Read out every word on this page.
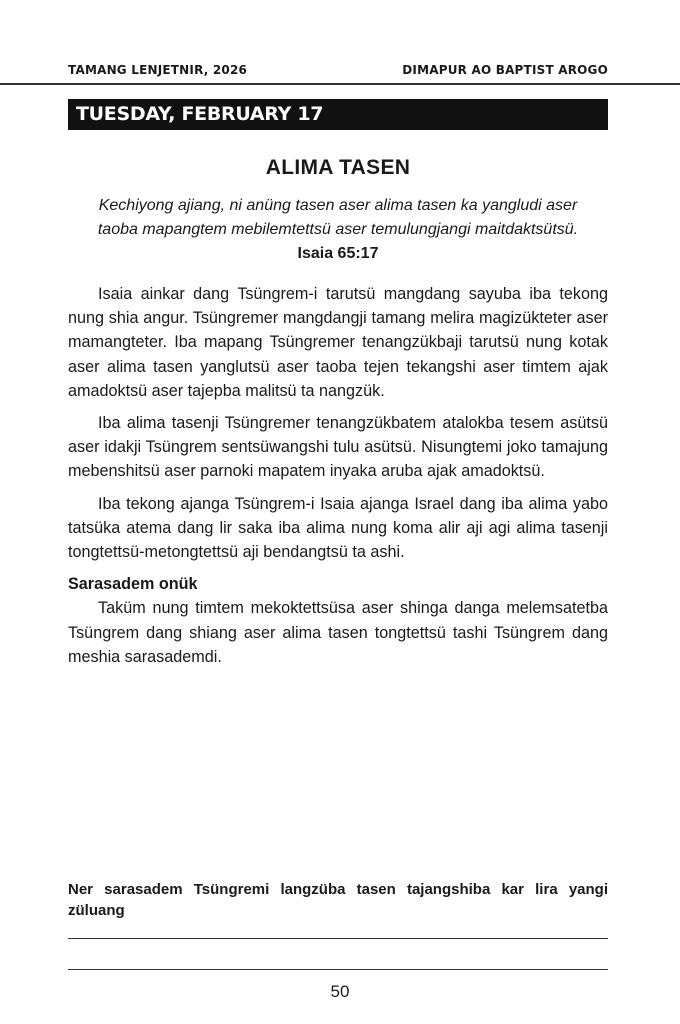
TAMANG LENJETNIR, 2026	DIMAPUR AO BAPTIST AROGO
TUESDAY, FEBRUARY 17
ALIMA TASEN
Kechiyong ajiang, ni anüng tasen aser alima tasen ka yangludi aser taoba mapangtem mebilemtettsü aser temulungjangi maitdaktsütsü. Isaia 65:17

Isaia ainkar dang Tsüngrem-i tarutsü mangdang sayuba iba tekong nung shia angur. Tsüngremer mangdangji tamang melira magizükteter aser mamangteter. Iba mapang Tsüngremer tenangzükbaji tarutsü nung kotak aser alima tasen yanglutsü aser taoba tejen tekangshi aser timtem ajak amadoktsü aser tajepba malitsü ta nangzük.

Iba alima tasenji Tsüngremer tenangzükbatem atalokba tesem asütsü aser idakji Tsüngrem sentsüwangshi tulu asütsü. Nisungtemi joko tamajung mebenshitsü aser parnoki mapatem inyaka aruba ajak amadoktsü.

Iba tekong ajanga Tsüngrem-i Isaia ajanga Israel dang iba alima yabo tatsüka atema dang lir saka iba alima nung koma alir aji agi alima tasenji tongtettsü-metongtettsü aji bendangtsü ta ashi.

Sarasadem onük

Taküm nung timtem mekoktettsüsa aser shinga danga melemsatetba Tsüngrem dang shiang aser alima tasen tongtettsü tashi Tsüngrem dang meshia sarasademdi.

Ner sarasadem Tsüngremi langzüba tasen tajangshiba kar lira yangi züluang
50
